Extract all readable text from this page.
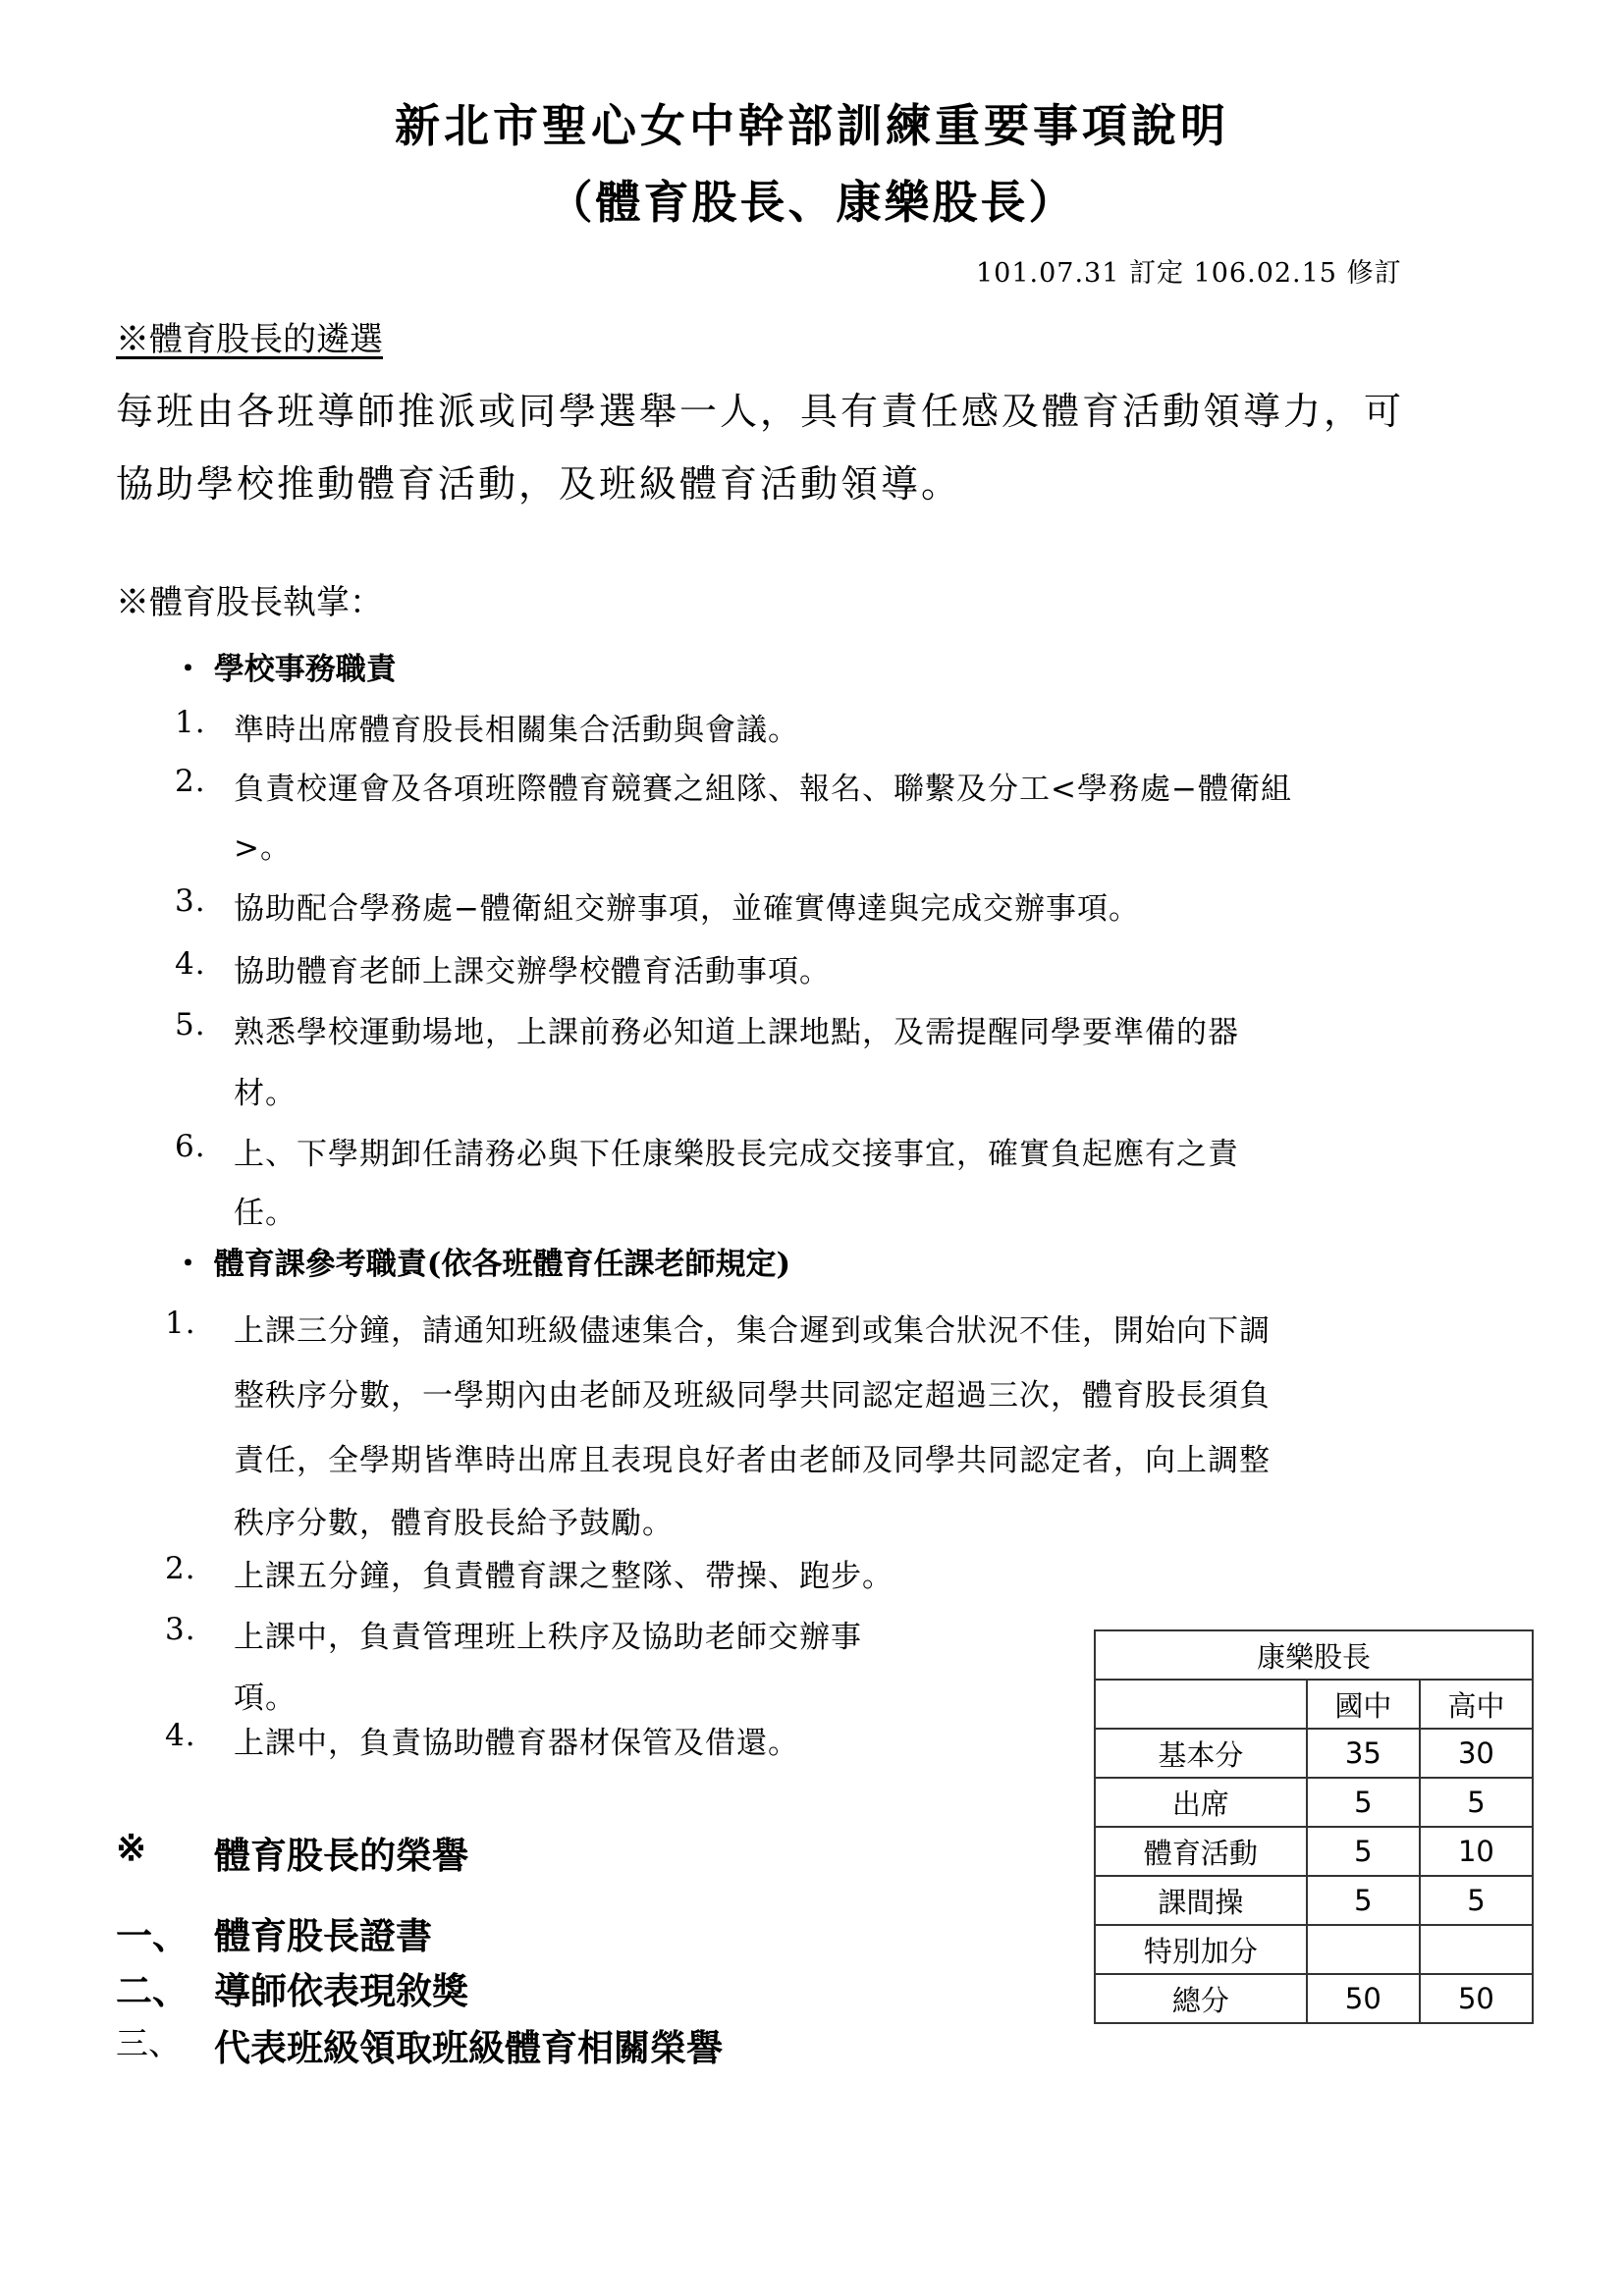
新北市聖心女中幹部訓練重要事項說明
（體育股長、康樂股長）
101.07.31 訂定 106.02.15 修訂
※體育股長的遴選
每班由各班導師推派或同學選舉一人，具有責任感及體育活動領導力，可
協助學校推動體育活動，及班級體育活動領導。
※體育股長執掌：
・ 學校事務職責
1. 準時出席體育股長相關集合活動與會議。
2. 負責校運會及各項班際體育競賽之組隊、報名、聯繫及分工<學務處−體衛組
>。
3. 協助配合學務處−體衛組交辦事項，並確實傳達與完成交辦事項。
4. 協助體育老師上課交辦學校體育活動事項。
5. 熟悉學校運動場地，上課前務必知道上課地點，及需提醒同學要準備的器
材。
6. 上、下學期卸任請務必與下任康樂股長完成交接事宜，確實負起應有之責
任。
・ 體育課參考職責(依各班體育任課老師規定)
1. 上課三分鐘，請通知班級儘速集合，集合遲到或集合狀況不佳，開始向下調
整秩序分數，一學期內由老師及班級同學共同認定超過三次，體育股長須負
責任，全學期皆準時出席且表現良好者由老師及同學共同認定者，向上調整
秩序分數，體育股長給予鼓勵。
2. 上課五分鐘，負責體育課之整隊、帶操、跑步。
3. 上課中，負責管理班上秩序及協助老師交辦事
項。
4. 上課中，負責協助體育器材保管及借還。
※ 體育股長的榮譽
一、 體育股長證書
二、 導師依表現敘獎
三、 代表班級領取班級體育相關榮譽
康樂股長		
	國中	高中
基本分	35	30
出席	5	5
體育活動	5	10
課間操	5	5
特別加分		
總分	50	50
